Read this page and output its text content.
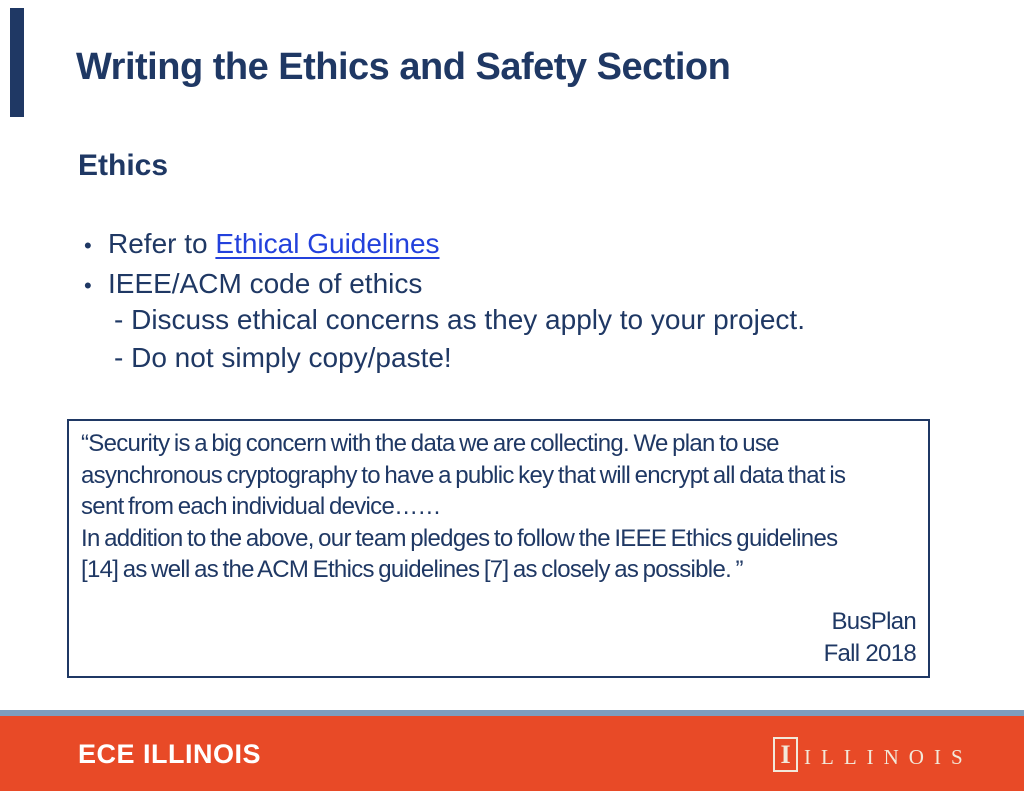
Writing the Ethics and Safety Section
Ethics
• Refer to Ethical Guidelines
• IEEE/ACM code of ethics
- Discuss ethical concerns as they apply to your project.
- Do not simply copy/paste!
“Security is a big concern with the data we are collecting. We plan to use
asynchronous cryptography to have a public key that will encrypt all data that is
sent from each individual device……
In addition to the above, our team pledges to follow the IEEE Ethics guidelines
[14] as well as the ACM Ethics guidelines [7] as closely as possible. ”
BusPlan
Fall 2018
ECE ILLINOIS	I ILLINOIS
